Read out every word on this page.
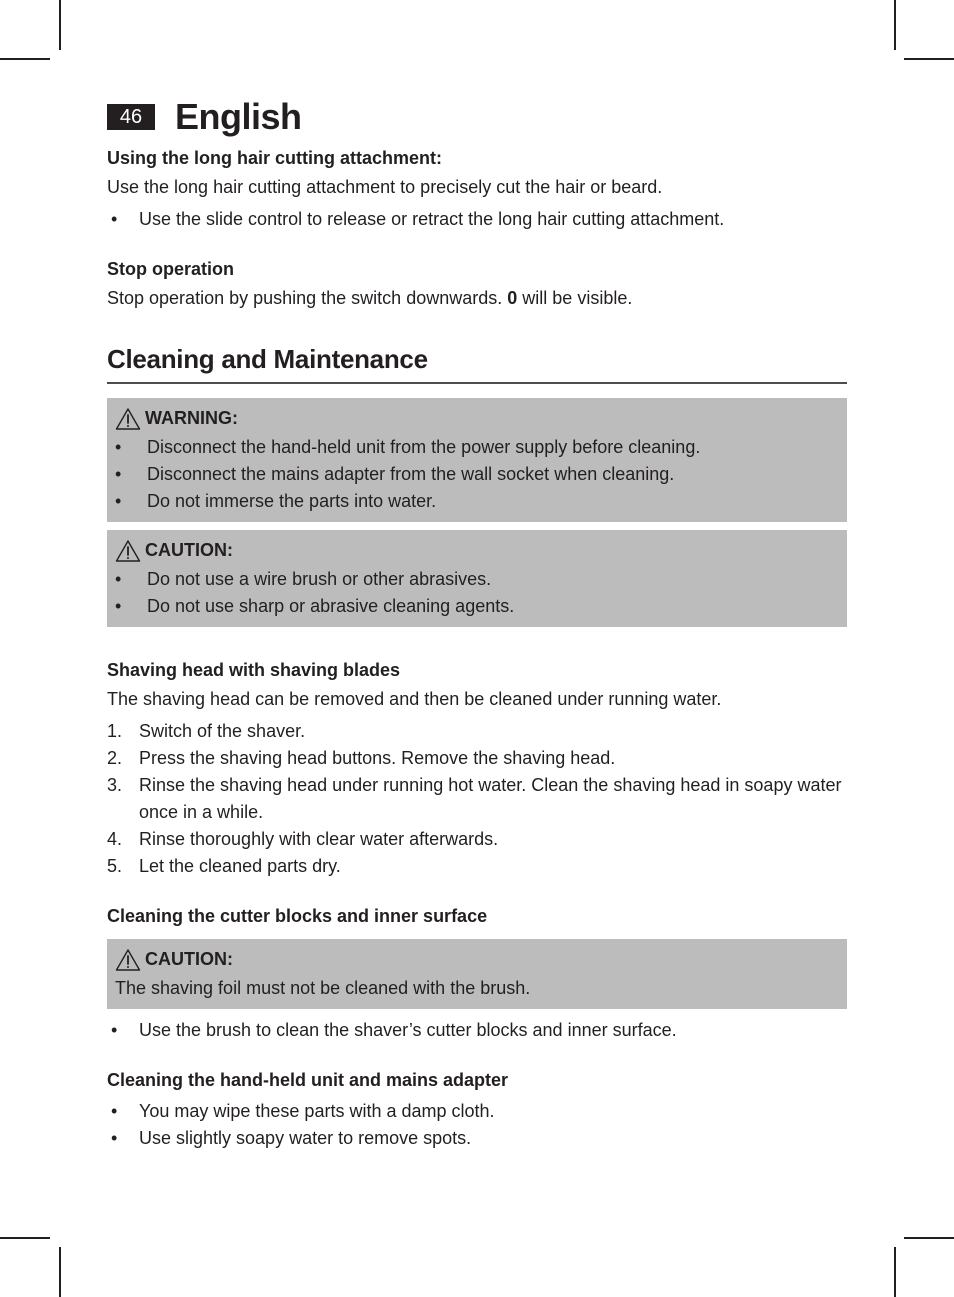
46 English
Using the long hair cutting attachment:

Use the long hair cutting attachment to precisely cut the hair or beard.

• Use the slide control to release or retract the long hair cutting attachment.
Stop operation

Stop operation by pushing the switch downwards. 0 will be visible.

Cleaning and Maintenance
WARNING:
• Disconnect the hand-held unit from the power supply before cleaning.
• Disconnect the mains adapter from the wall socket when cleaning.
• Do not immerse the parts into water.
CAUTION:
• Do not use a wire brush or other abrasives.
• Do not use sharp or abrasive cleaning agents.
Shaving head with shaving blades

The shaving head can be removed and then be cleaned under running water.

1. Switch of the shaver.
2. Press the shaving head buttons. Remove the shaving head.
3. Rinse the shaving head under running hot water. Clean the shaving head in soapy water once in a while.
4. Rinse thoroughly with clear water afterwards.
5. Let the cleaned parts dry.
Cleaning the cutter blocks and inner surface
CAUTION:

The shaving foil must not be cleaned with the brush.

• Use the brush to clean the shaver’s cutter blocks and inner surface.
Cleaning the hand-held unit and mains adapter
• You may wipe these parts with a damp cloth.
• Use slightly soapy water to remove spots.
